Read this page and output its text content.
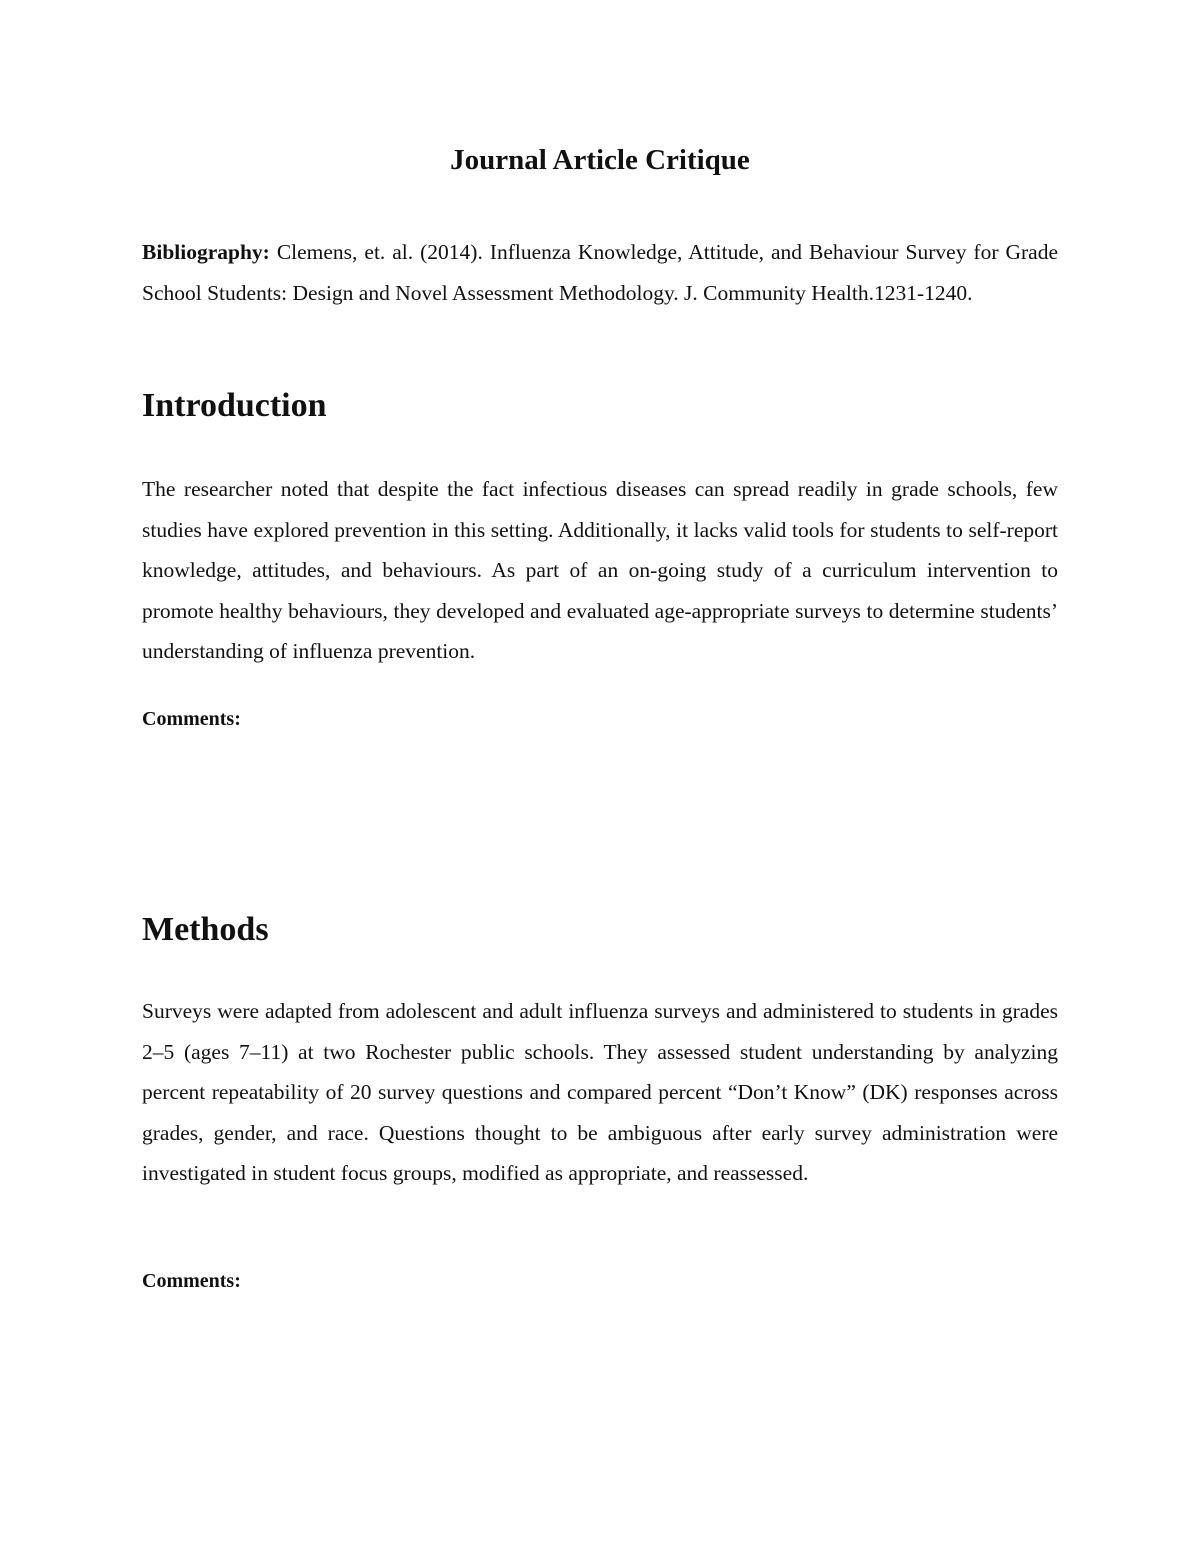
Journal Article Critique

Bibliography: Clemens, et. al. (2014). Influenza Knowledge, Attitude, and Behaviour Survey for Grade School Students: Design and Novel Assessment Methodology. J. Community Health.1231-1240.

Introduction

The researcher noted that despite the fact infectious diseases can spread readily in grade schools, few studies have explored prevention in this setting. Additionally, it lacks valid tools for students to self-report knowledge, attitudes, and behaviours. As part of an on-going study of a curriculum intervention to promote healthy behaviours, they developed and evaluated age-appropriate surveys to determine students’ understanding of influenza prevention.

Comments:

Methods

Surveys were adapted from adolescent and adult influenza surveys and administered to students in grades 2–5 (ages 7–11) at two Rochester public schools. They assessed student understanding by analyzing percent repeatability of 20 survey questions and compared percent “Don’t Know” (DK) responses across grades, gender, and race. Questions thought to be ambiguous after early survey administration were investigated in student focus groups, modified as appropriate, and reassessed.

Comments:
